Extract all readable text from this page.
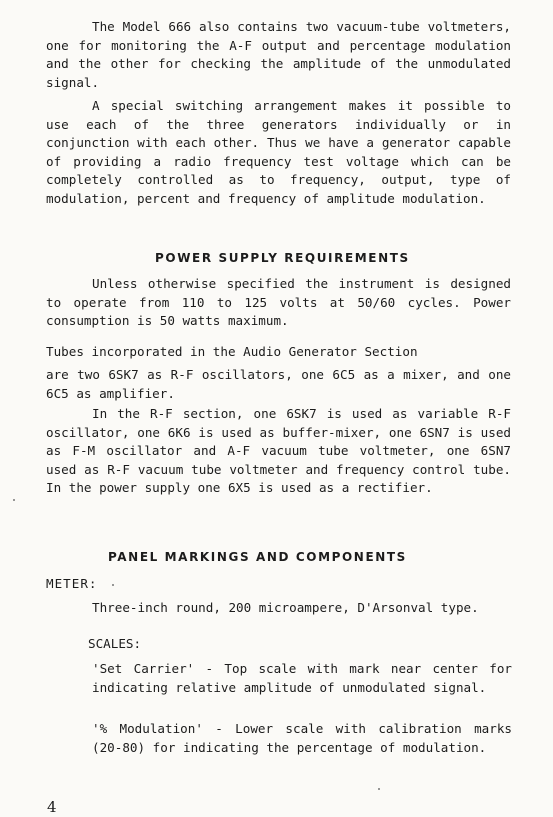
The Model 666 also contains two vacuum-tube voltmeters, one for monitoring the A-F output and percentage modulation and the other for checking the amplitude of the unmodulated signal.

A special switching arrangement makes it possible to use each of the three generators individually or in conjunction with each other. Thus we have a generator capable of providing a radio frequency test voltage which can be completely controlled as to frequency, output, type of modulation, percent and frequency of amplitude modulation.

POWER SUPPLY REQUIREMENTS

Unless otherwise specified the instrument is designed to operate from 110 to 125 volts at 50/60 cycles. Power consumption is 50 watts maximum.

Tubes incorporated in the Audio Generator Section

are two 6SK7 as R-F oscillators, one 6C5 as a mixer, and one 6C5 as amplifier.

In the R-F section, one 6SK7 is used as variable R-F oscillator, one 6K6 is used as buffer-mixer, one 6SN7 is used as F-M oscillator and A-F vacuum tube voltmeter, one 6SN7 used as R-F vacuum tube voltmeter and frequency control tube. In the power supply one 6X5 is used as a rectifier.

PANEL MARKINGS AND COMPONENTS

METER:

Three-inch round, 200 microampere, D'Arsonval type.

SCALES:

'Set Carrier' - Top scale with mark near center for indicating relative amplitude of unmodulated signal.

'% Modulation' - Lower scale with calibration marks (20-80) for indicating the percentage of modulation.

4
